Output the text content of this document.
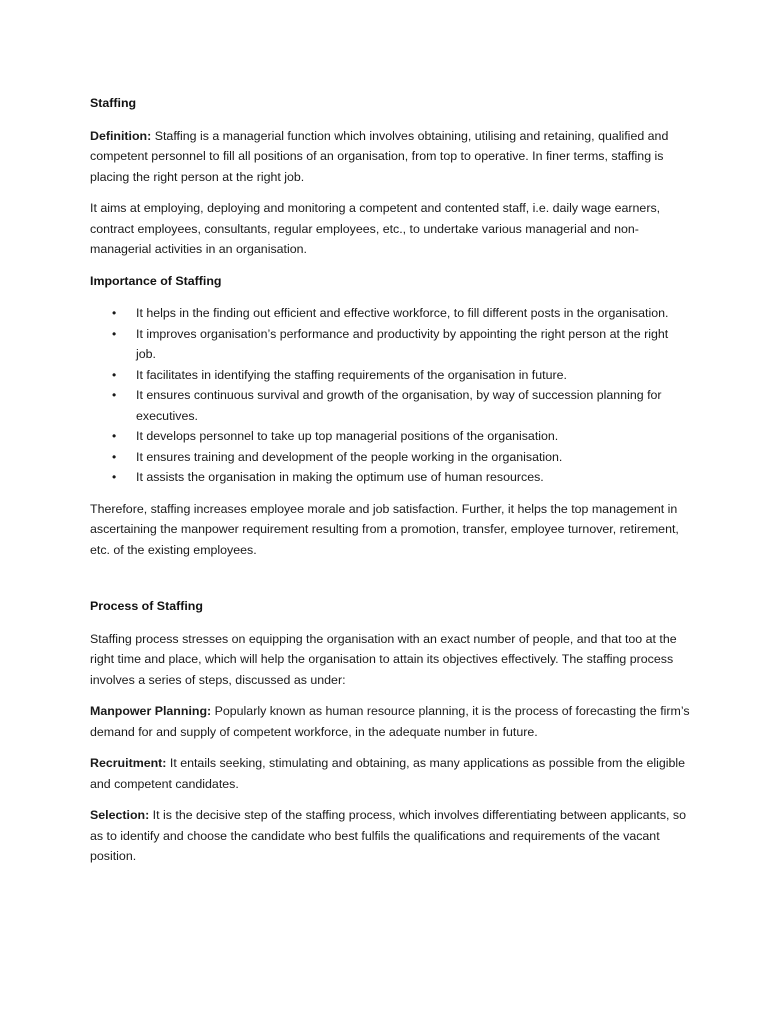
Staffing

Definition: Staffing is a managerial function which involves obtaining, utilising and retaining, qualified and competent personnel to fill all positions of an organisation, from top to operative. In finer terms, staffing is placing the right person at the right job.

It aims at employing, deploying and monitoring a competent and contented staff, i.e. daily wage earners, contract employees, consultants, regular employees, etc., to undertake various managerial and non-managerial activities in an organisation.

Importance of Staffing
• It helps in the finding out efficient and effective workforce, to fill different posts in the organisation.
• It improves organisation’s performance and productivity by appointing the right person at the right job.
• It facilitates in identifying the staffing requirements of the organisation in future.
• It ensures continuous survival and growth of the organisation, by way of succession planning for executives.
• It develops personnel to take up top managerial positions of the organisation.
• It ensures training and development of the people working in the organisation.
• It assists the organisation in making the optimum use of human resources.

Therefore, staffing increases employee morale and job satisfaction. Further, it helps the top management in ascertaining the manpower requirement resulting from a promotion, transfer, employee turnover, retirement, etc. of the existing employees.

Process of Staffing

Staffing process stresses on equipping the organisation with an exact number of people, and that too at the right time and place, which will help the organisation to attain its objectives effectively. The staffing process involves a series of steps, discussed as under:

Manpower Planning: Popularly known as human resource planning, it is the process of forecasting the firm’s demand for and supply of competent workforce, in the adequate number in future.

Recruitment: It entails seeking, stimulating and obtaining, as many applications as possible from the eligible and competent candidates.

Selection: It is the decisive step of the staffing process, which involves differentiating between applicants, so as to identify and choose the candidate who best fulfils the qualifications and requirements of the vacant position.
